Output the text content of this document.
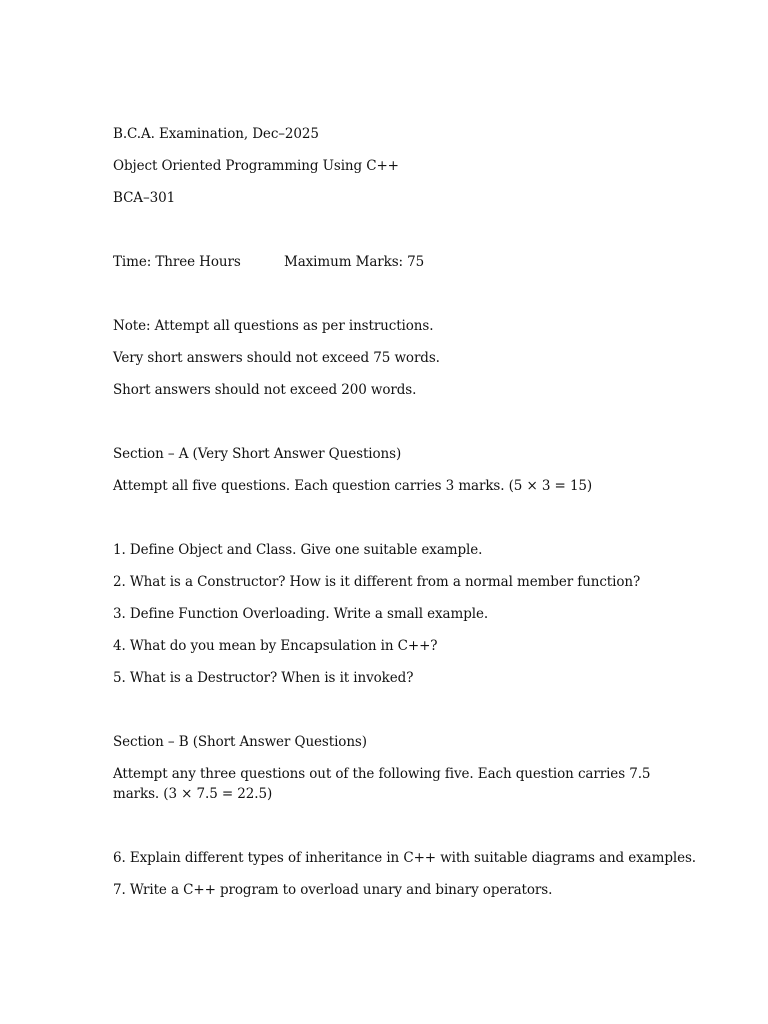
B.C.A. Examination, Dec–2025
Object Oriented Programming Using C++
BCA–301
Time: Three Hours	Maximum Marks: 75
Note: Attempt all questions as per instructions.
Very short answers should not exceed 75 words.
Short answers should not exceed 200 words.
Section – A (Very Short Answer Questions)
Attempt all five questions. Each question carries 3 marks. (5 × 3 = 15)
1. Define Object and Class. Give one suitable example.
2. What is a Constructor? How is it different from a normal member function?
3. Define Function Overloading. Write a small example.
4. What do you mean by Encapsulation in C++?
5. What is a Destructor? When is it invoked?
Section – B (Short Answer Questions)
Attempt any three questions out of the following five. Each question carries 7.5 marks. (3 × 7.5 = 22.5)
6. Explain different types of inheritance in C++ with suitable diagrams and examples.
7. Write a C++ program to overload unary and binary operators.
